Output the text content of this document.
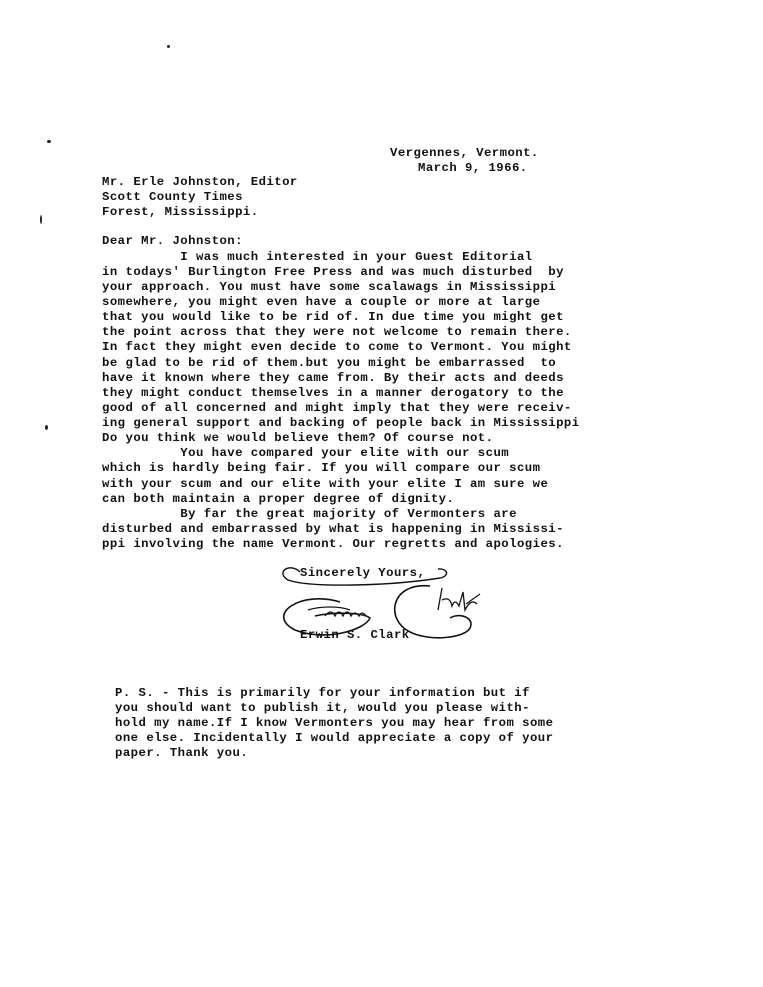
Vergennes, Vermont.
March 9, 1966.
Mr. Erle Johnston, Editor
Scott County Times
Forest, Mississippi.
Dear Mr. Johnston:
I was much interested in your Guest Editorial
in todays' Burlington Free Press and was much disturbed  by
your approach. You must have some scalawags in Mississippi
somewhere, you might even have a couple or more at large
that you would like to be rid of. In due time you might get
the point across that they were not welcome to remain there.
In fact they might even decide to come to Vermont. You might
be glad to be rid of them.but you might be embarrassed  to
have it known where they came from. By their acts and deeds
they might conduct themselves in a manner derogatory to the
good of all concerned and might imply that they were receiv-
ing general support and backing of people back in Mississippi
Do you think we would believe them? Of course not.
You have compared your elite with our scum
which is hardly being fair. If you will compare our scum
with your scum and our elite with your elite I am sure we
can both maintain a proper degree of dignity.
By far the great majority of Vermonters are
disturbed and embarrassed by what is happening in Mississi-
ppi involving the name Vermont. Our regretts and apologies.
Sincerely Yours,
Erwin S. Clark
P. S. - This is primarily for your information but if
you should want to publish it, would you please with-
hold my name.If I know Vermonters you may hear from some
one else. Incidentally I would appreciate a copy of your
paper. Thank you.
